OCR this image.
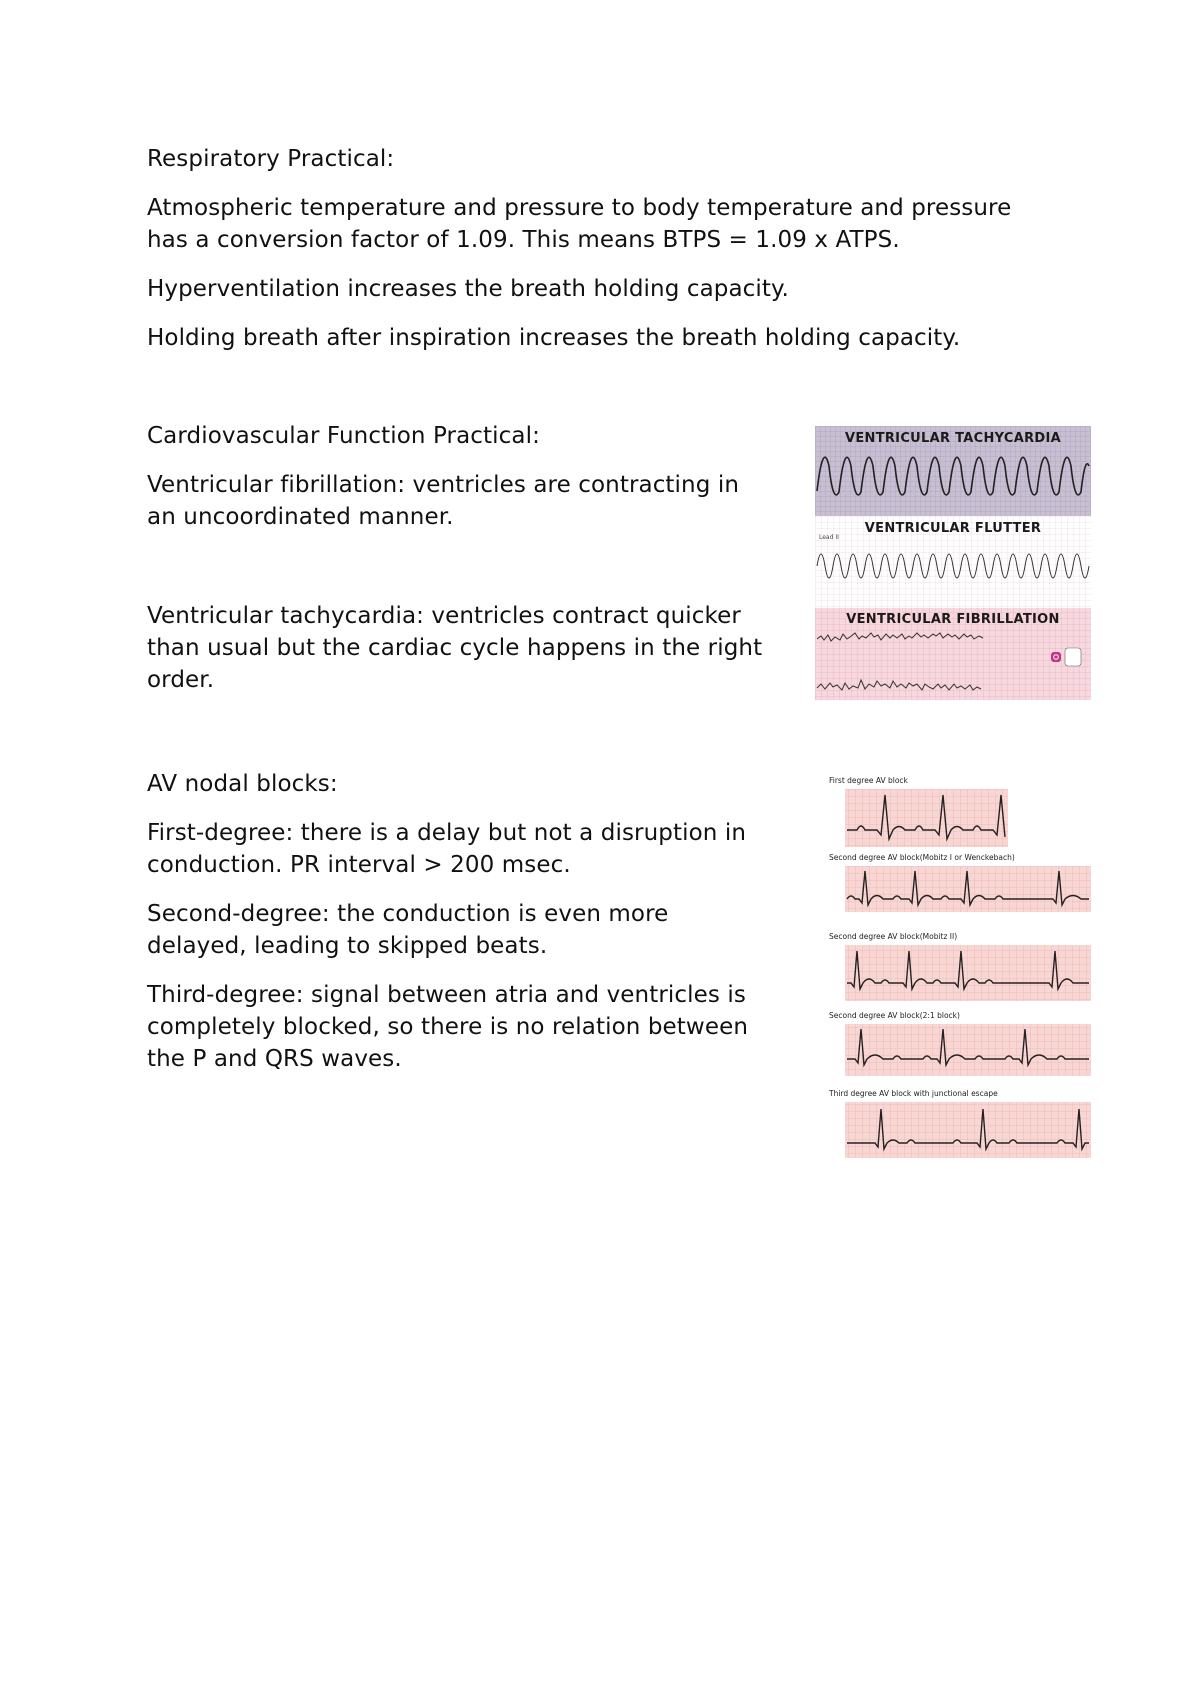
Respiratory Practical:

Atmospheric temperature and pressure to body temperature and pressure

has a conversion factor of 1.09. This means BTPS = 1.09 x ATPS.

Hyperventilation increases the breath holding capacity.

Holding breath after inspiration increases the breath holding capacity.

Cardiovascular Function Practical:

Ventricular fibrillation: ventricles are contracting in

an uncoordinated manner.

Ventricular tachycardia: ventricles contract quicker

than usual but the cardiac cycle happens in the right

order.

VENTRICULAR TACHYCARDIA
Lead II
VENTRICULAR FLUTTER
VENTRICULAR FIBRILLATION

AV nodal blocks:

First-degree: there is a delay but not a disruption in

conduction. PR interval > 200 msec.

Second-degree: the conduction is even more

delayed, leading to skipped beats.

Third-degree: signal between atria and ventricles is

completely blocked, so there is no relation between

the P and QRS waves.

First degree AV block
Second degree AV block(Mobitz I or Wenckebach)
Second degree AV block(Mobitz II)
Second degree AV block(2:1 block)
Third degree AV block with junctional escape
